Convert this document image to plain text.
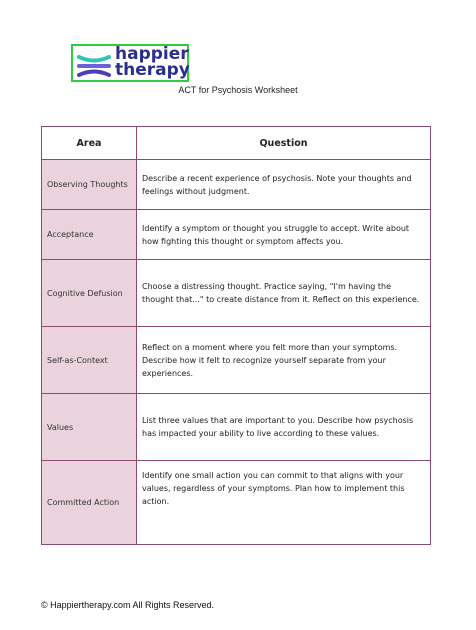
happier
therapy
ACT for Psychosis Worksheet
Area	Question
Observing Thoughts	Describe a recent experience of psychosis. Note your thoughts and feelings without judgment.
Acceptance	Identify a symptom or thought you struggle to accept. Write about how fighting this thought or symptom affects you.
Cognitive Defusion	Choose a distressing thought. Practice saying, "I'm having the thought that..." to create distance from it. Reflect on this experience.
Self-as-Context	Reflect on a moment where you felt more than your symptoms. Describe how it felt to recognize yourself separate from your experiences.
Values	List three values that are important to you. Describe how psychosis has impacted your ability to live according to these values.
Committed Action	Identify one small action you can commit to that aligns with your values, regardless of your symptoms. Plan how to implement this action.
© Happiertherapy.com All Rights Reserved.
